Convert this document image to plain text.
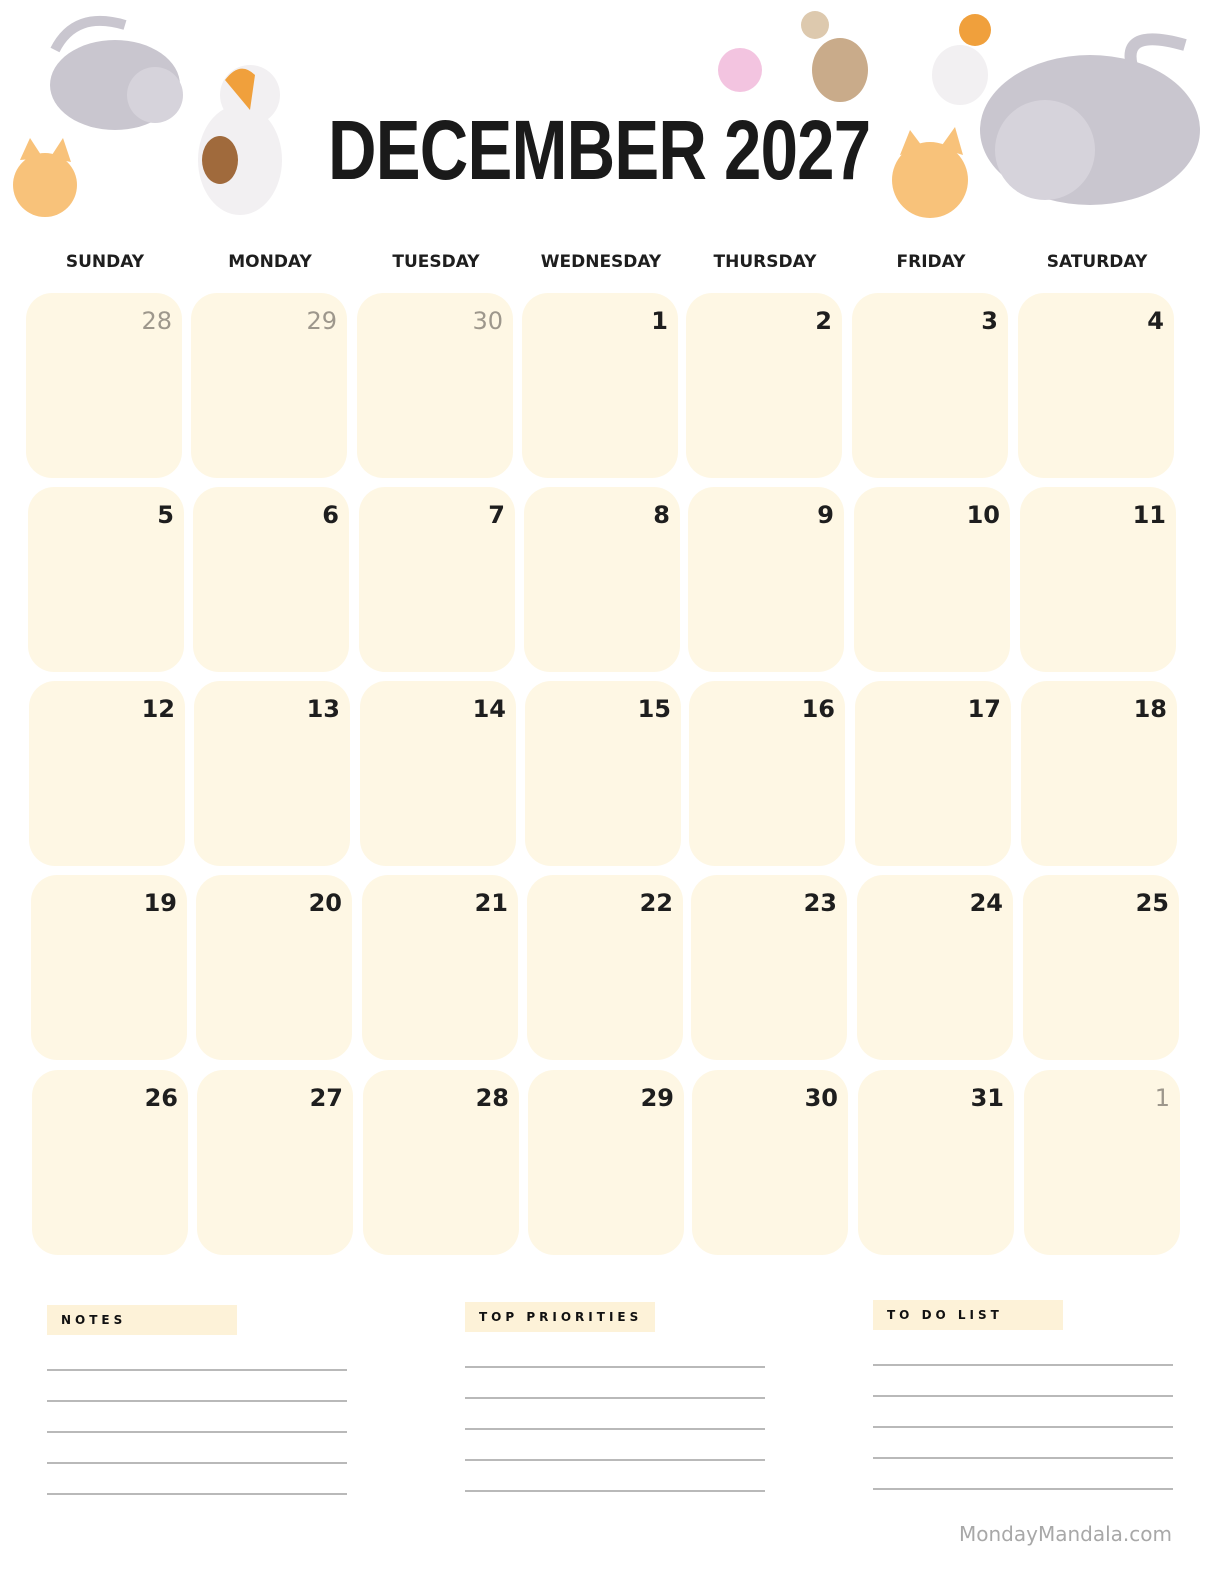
DECEMBER 2027
MondayMandala.com
SUNDAY	MONDAY	TUESDAY	WEDNESDAY	THURSDAY	FRIDAY	SATURDAY
28	29	30	1	2	3	4
5	6	7	8	9	10	11
12	13	14	15	16	17	18
19	20	21	22	23	24	25
26	27	28	29	30	31	1
NOTES	TOP PRIORITIES	TO DO LIST
